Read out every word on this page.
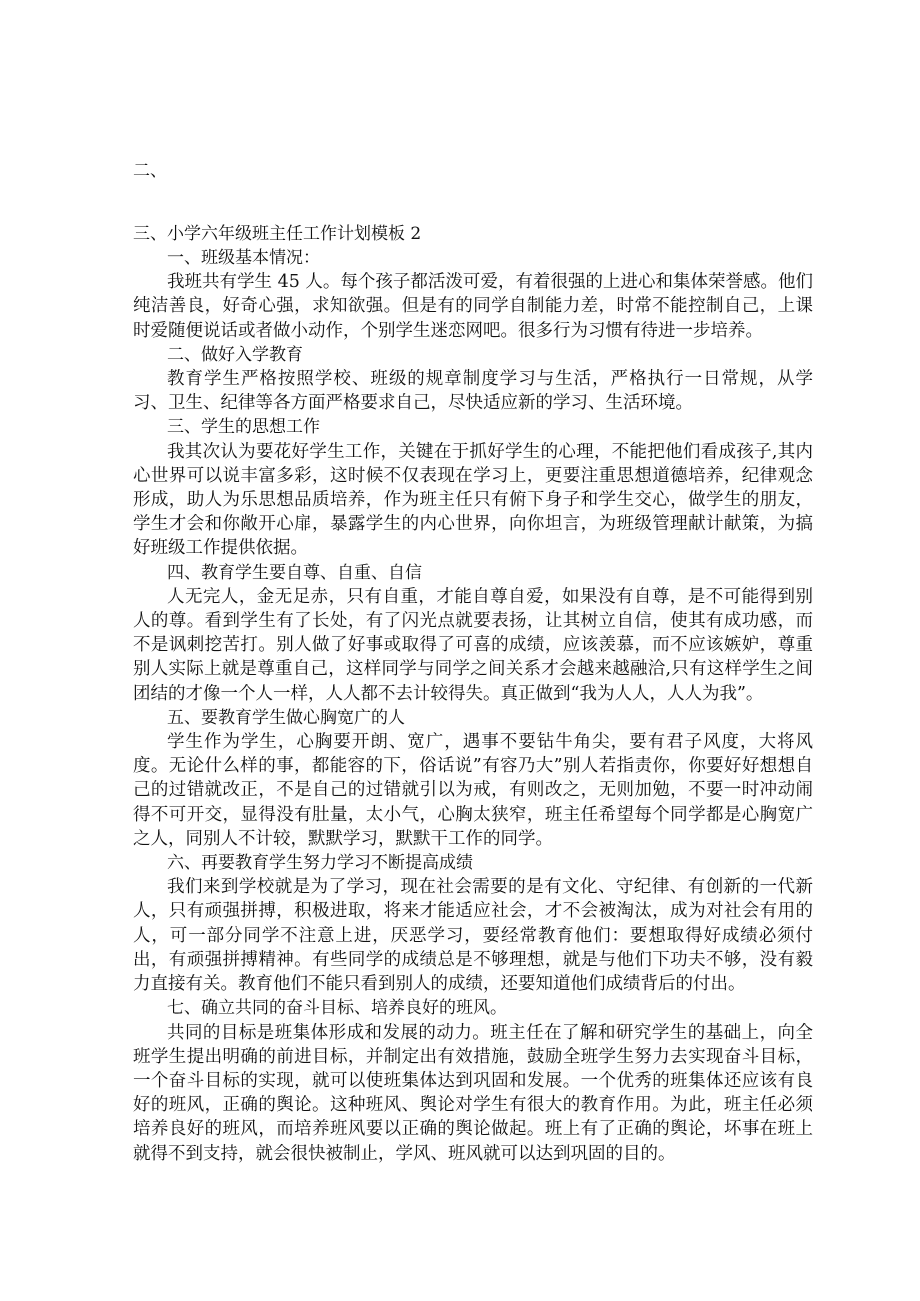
二、
三、小学六年级班主任工作计划模板 2

一、班级基本情况：

我班共有学生 45 人。每个孩子都活泼可爱，有着很强的上进心和集体荣誉感。他们纯洁善良，好奇心强，求知欲强。但是有的同学自制能力差，时常不能控制自己，上课时爱随便说话或者做小动作，个别学生迷恋网吧。很多行为习惯有待进一步培养。

二、做好入学教育

教育学生严格按照学校、班级的规章制度学习与生活，严格执行一日常规，从学习、卫生、纪律等各方面严格要求自己，尽快适应新的学习、生活环境。

三、学生的思想工作

我其次认为要花好学生工作，关键在于抓好学生的心理，不能把他们看成孩子,其内心世界可以说丰富多彩，这时候不仅表现在学习上，更要注重思想道德培养，纪律观念形成，助人为乐思想品质培养，作为班主任只有俯下身子和学生交心，做学生的朋友，学生才会和你敞开心扉，暴露学生的内心世界，向你坦言，为班级管理献计献策，为搞好班级工作提供依据。

四、教育学生要自尊、自重、自信

人无完人，金无足赤，只有自重，才能自尊自爱，如果没有自尊，是不可能得到别人的尊。看到学生有了长处，有了闪光点就要表扬，让其树立自信，使其有成功感，而不是讽刺挖苦打。别人做了好事或取得了可喜的成绩，应该羡慕，而不应该嫉妒，尊重别人实际上就是尊重自己，这样同学与同学之间关系才会越来越融洽,只有这样学生之间团结的才像一个人一样，人人都不去计较得失。真正做到“我为人人，人人为我”。

五、要教育学生做心胸宽广的人

学生作为学生，心胸要开朗、宽广，遇事不要钻牛角尖，要有君子风度，大将风度。无论什么样的事，都能容的下，俗话说”有容乃大”别人若指责你，你要好好想想自己的过错就改正，不是自己的过错就引以为戒，有则改之，无则加勉，不要一时冲动闹得不可开交，显得没有肚量，太小气，心胸太狭窄，班主任希望每个同学都是心胸宽广之人，同别人不计较，默默学习，默默干工作的同学。

六、再要教育学生努力学习不断提高成绩

我们来到学校就是为了学习，现在社会需要的是有文化、守纪律、有创新的一代新人，只有顽强拼搏，积极进取，将来才能适应社会，才不会被淘汰，成为对社会有用的人，可一部分同学不注意上进，厌恶学习，要经常教育他们：要想取得好成绩必须付出，有顽强拼搏精神。有些同学的成绩总是不够理想，就是与他们下功夫不够，没有毅力直接有关。教育他们不能只看到别人的成绩，还要知道他们成绩背后的付出。

七、确立共同的奋斗目标、培养良好的班风。

共同的目标是班集体形成和发展的动力。班主任在了解和研究学生的基础上，向全班学生提出明确的前进目标，并制定出有效措施，鼓励全班学生努力去实现奋斗目标，一个奋斗目标的实现，就可以使班集体达到巩固和发展。一个优秀的班集体还应该有良好的班风，正确的舆论。这种班风、舆论对学生有很大的教育作用。为此，班主任必须培养良好的班风，而培养班风要以正确的舆论做起。班上有了正确的舆论，坏事在班上就得不到支持，就会很快被制止，学风、班风就可以达到巩固的目的。
